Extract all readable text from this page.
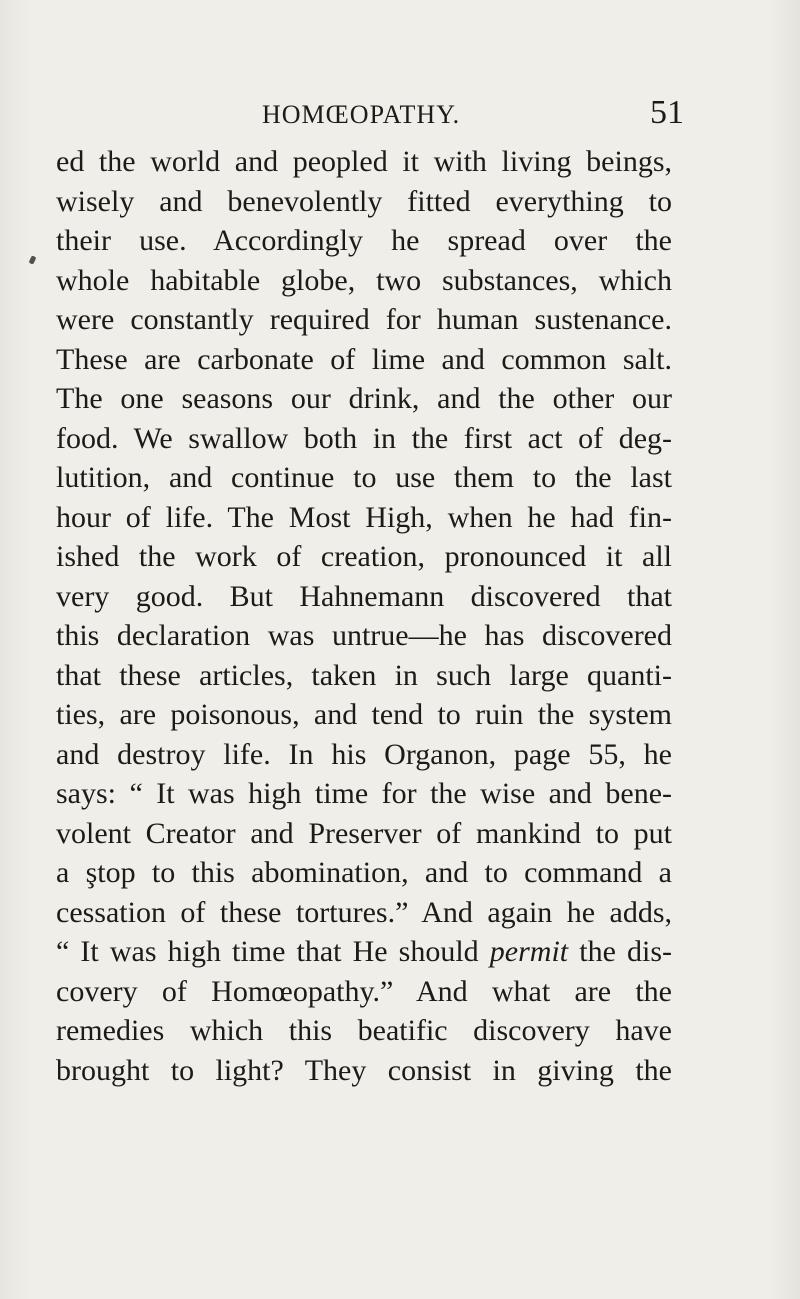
HOMŒOPATHY.	51
ed the world and peopled it with living beings,
wisely and benevolently fitted everything to
their use. Accordingly he spread over the
whole habitable globe, two substances, which
were constantly required for human sustenance.
These are carbonate of lime and common salt.
The one seasons our drink, and the other our
food. We swallow both in the first act of deg-
lutition, and continue to use them to the last
hour of life. The Most High, when he had fin-
ished the work of creation, pronounced it all
very good. But Hahnemann discovered that
this declaration was untrue—he has discovered
that these articles, taken in such large quanti-
ties, are poisonous, and tend to ruin the system
and destroy life. In his Organon, page 55, he
says: “ It was high time for the wise and bene-
volent Creator and Preserver of mankind to put
a ştop to this abomination, and to command a
cessation of these tortures.” And again he adds,
“ It was high time that He should permit the dis-
covery of Homœopathy.” And what are the
remedies which this beatific discovery have
brought to light? They consist in giving the
